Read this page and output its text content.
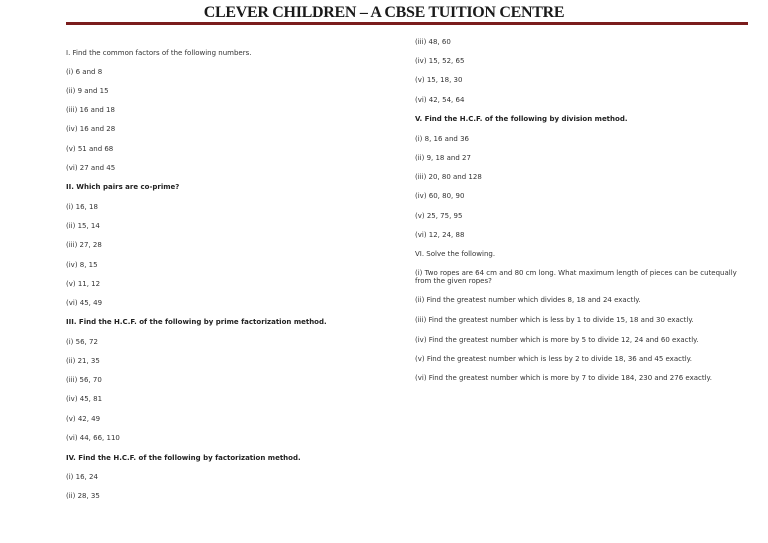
CLEVER CHILDREN – A CBSE TUITION CENTRE
I. Find the common factors of the following numbers.
(i) 6 and 8
(ii) 9 and 15
(iii) 16 and 18
(iv) 16 and 28
(v) 51 and 68
(vi) 27 and 45
II. Which pairs are co-prime?
(i) 16, 18
(ii) 15, 14
(iii) 27, 28
(iv) 8, 15
(v) 11, 12
(vi) 45, 49
III. Find the H.C.F. of the following by prime factorization method.
(i) 56, 72
(ii) 21, 35
(iii) 56, 70
(iv) 45, 81
(v) 42, 49
(vi) 44, 66, 110
IV. Find the H.C.F. of the following by factorization method.
(i) 16, 24
(ii) 28, 35
(iii) 48, 60
(iv) 15, 52, 65
(v) 15, 18, 30
(vi) 42, 54, 64
V. Find the H.C.F. of the following by division method.
(i) 8, 16 and 36
(ii) 9, 18 and 27
(iii) 20, 80 and 128
(iv) 60, 80, 90
(v) 25, 75, 95
(vi) 12, 24, 88
VI. Solve the following.
(i) Two ropes are 64 cm and 80 cm long. What maximum length of pieces can be cutequally from the given ropes?
(ii) Find the greatest number which divides 8, 18 and 24 exactly.
(iii) Find the greatest number which is less by 1 to divide 15, 18 and 30 exactly.
(iv) Find the greatest number which is more by 5 to divide 12, 24 and 60 exactly.
(v) Find the greatest number which is less by 2 to divide 18, 36 and 45 exactly.
(vi) Find the greatest number which is more by 7 to divide 184, 230 and 276 exactly.
